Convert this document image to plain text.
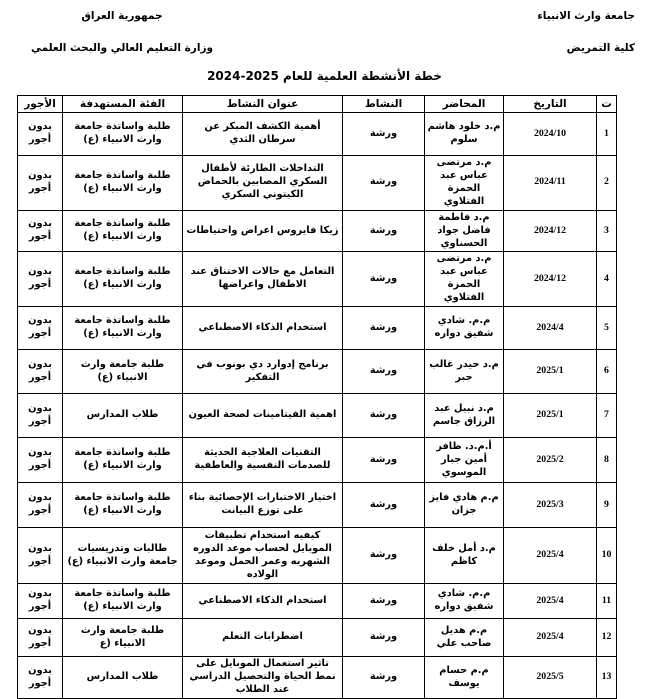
جامعة وارث الانبياء
كلية التمريض
جمهورية العراق
وزارة التعليم العالي والبحث العلمي
خطة الأنشطة العلمية للعام 2025-2024
ت	التاريخ	المحاضر	النشاط	عنوان النشاط	الفئة المستهدفة	الأجور
1	2024/10	م.د خلود هاشم سلوم	ورشة	أهمية الكشف المبكر عن سرطان الثدي	طلبة واساتذة جامعة وارث الانبياء (ع)	بدون أجور
2	2024/11	م.د مرتضى عباس عبد الحمزة الفتلاوي	ورشة	التداخلات الطارئة لأطفال السكري المصابين بالحماض الكيتوني السكري	طلبة واساتذة جامعة وارث الانبياء (ع)	بدون أجور
3	2024/12	م.د فاطمة فاضل جواد الحسناوي	ورشة	زيكا فايروس اعراض واحتياطات	طلبة واساتذة جامعة وارث الانبياء (ع)	بدون أجور
4	2024/12	م.د مرتضى عباس عبد الحمزة الفتلاوي	ورشة	التعامل مع حالات الاختناق عند الاطفال واعراضها	طلبة واساتذة جامعة وارث الانبياء (ع)	بدون أجور
5	2024/4	م.م. شادي شفيق دواره	ورشة	استخدام الذكاء الاصطناعي	طلبة واساتذة جامعة وارث الانبياء (ع)	بدون أجور
6	2025/1	م.د حيدر غالب جبر	ورشة	برنامج إدوارد دي بونوب في التفكير	طلبة جامعة وارث الانبياء (ع)	بدون أجور
7	2025/1	م.د نبيل عبد الرزاق جاسم	ورشة	اهمية الفيتامينات لصحة العيون	طلاب المدارس	بدون أجور
8	2025/2	أ.م.د. ظافر أمين جبار الموسوي	ورشة	التقنيات العلاجية الحديثة للصدمات النفسية والعاطفية	طلبة واساتذة جامعة وارث الانبياء (ع)	بدون أجور
9	2025/3	م.م هادي فايز جزان	ورشة	اختيار الاختبارات الإحصائية بناء على توزع البيانت	طلبة واساتذة جامعة وارث الانبياء (ع)	بدون أجور
10	2025/4	م.د أمل خلف كاظم	ورشة	كيفيه استخدام تطبيقات الموبايل لحساب موعد الدوره الشهريه وعمر الحمل وموعد الولاده	طالبات وتدريسيات جامعة وارث الانبياء (ع)	بدون أجور
11	2025/4	م.م. شادي شفيق دواره	ورشة	استخدام الذكاء الاصطناعي	طلبة واساتذة جامعة وارث الانبياء (ع)	بدون أجور
12	2025/4	م.م هديل صاحب علي	ورشة	اضطرابات التعلم	طلبة جامعة وارث الانبياء (ع	بدون أجور
13	2025/5	م.م حسام يوسف	ورشة	تاثير استعمال الموبايل على نمط الحياة والتحصيل الدراسي عند الطلاب	طلاب المدارس	بدون أجور
